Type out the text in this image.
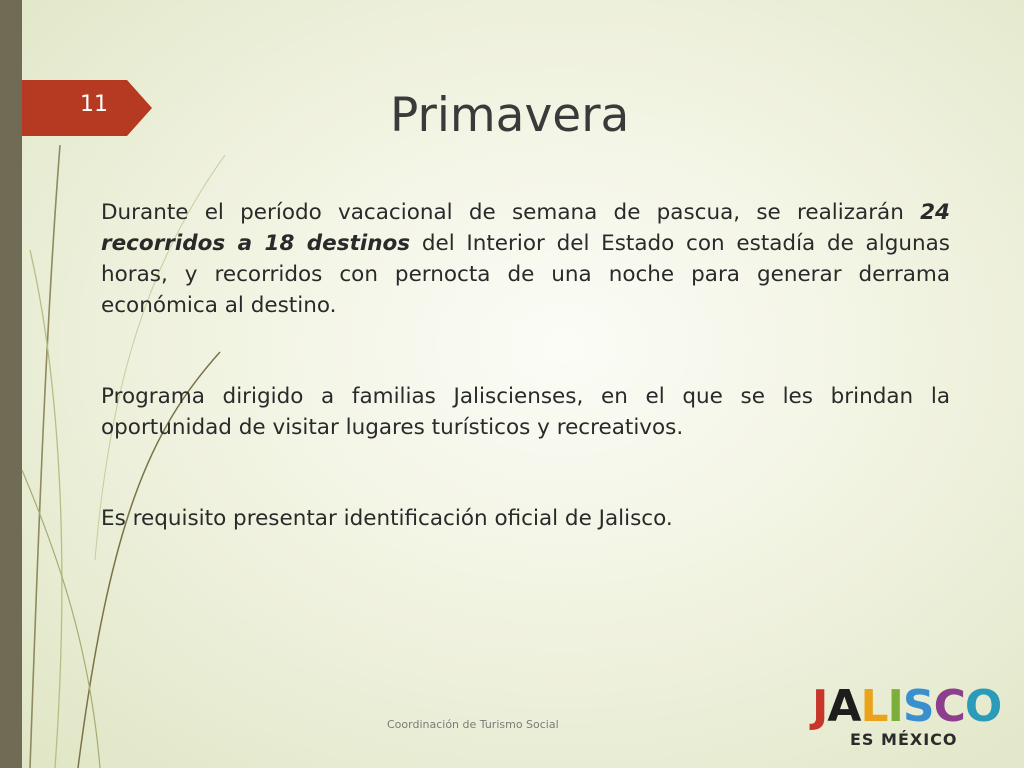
11	Primavera

Durante el período vacacional de semana de pascua, se realizarán 24 recorridos a 18 destinos del Interior del Estado con estadía de algunas horas, y recorridos con pernocta de una noche para generar derrama económica al destino.

Programa dirigido a familias Jaliscienses, en el que se les brindan la oportunidad de visitar lugares turísticos y recreativos.

Es requisito presentar identificación oficial de Jalisco.

Coordinación de Turismo Social	J A L I S C O
ES MÉXICO
